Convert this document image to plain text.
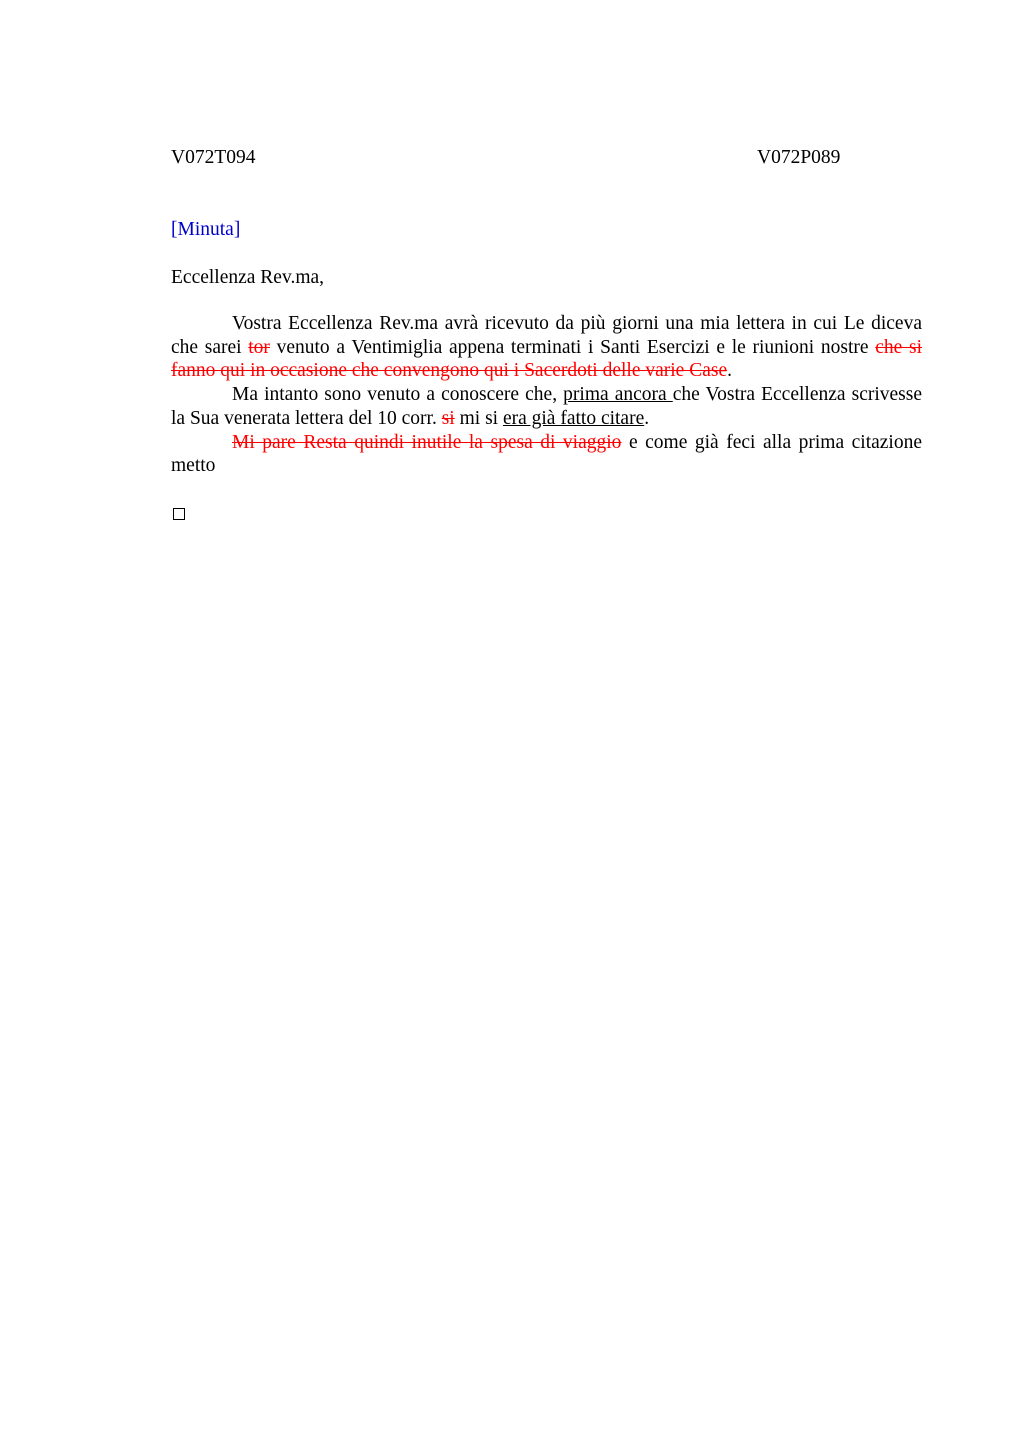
V072T094	V072P089
[Minuta]
Eccellenza Rev.ma,

Vostra Eccellenza Rev.ma avrà ricevuto da più giorni una mia lettera in cui Le diceva che sarei tor venuto a Ventimiglia appena terminati i Santi Esercizi e le riunioni nostre che si fanno qui in occasione che convengono qui i Sacerdoti delle varie Case.

Ma intanto sono venuto a conoscere che, prima ancora che Vostra Eccellenza scrivesse la Sua venerata lettera del 10 corr. si mi si era già fatto citare.

Mi pare Resta quindi inutile la spesa di viaggio e come già feci alla prima citazione metto
